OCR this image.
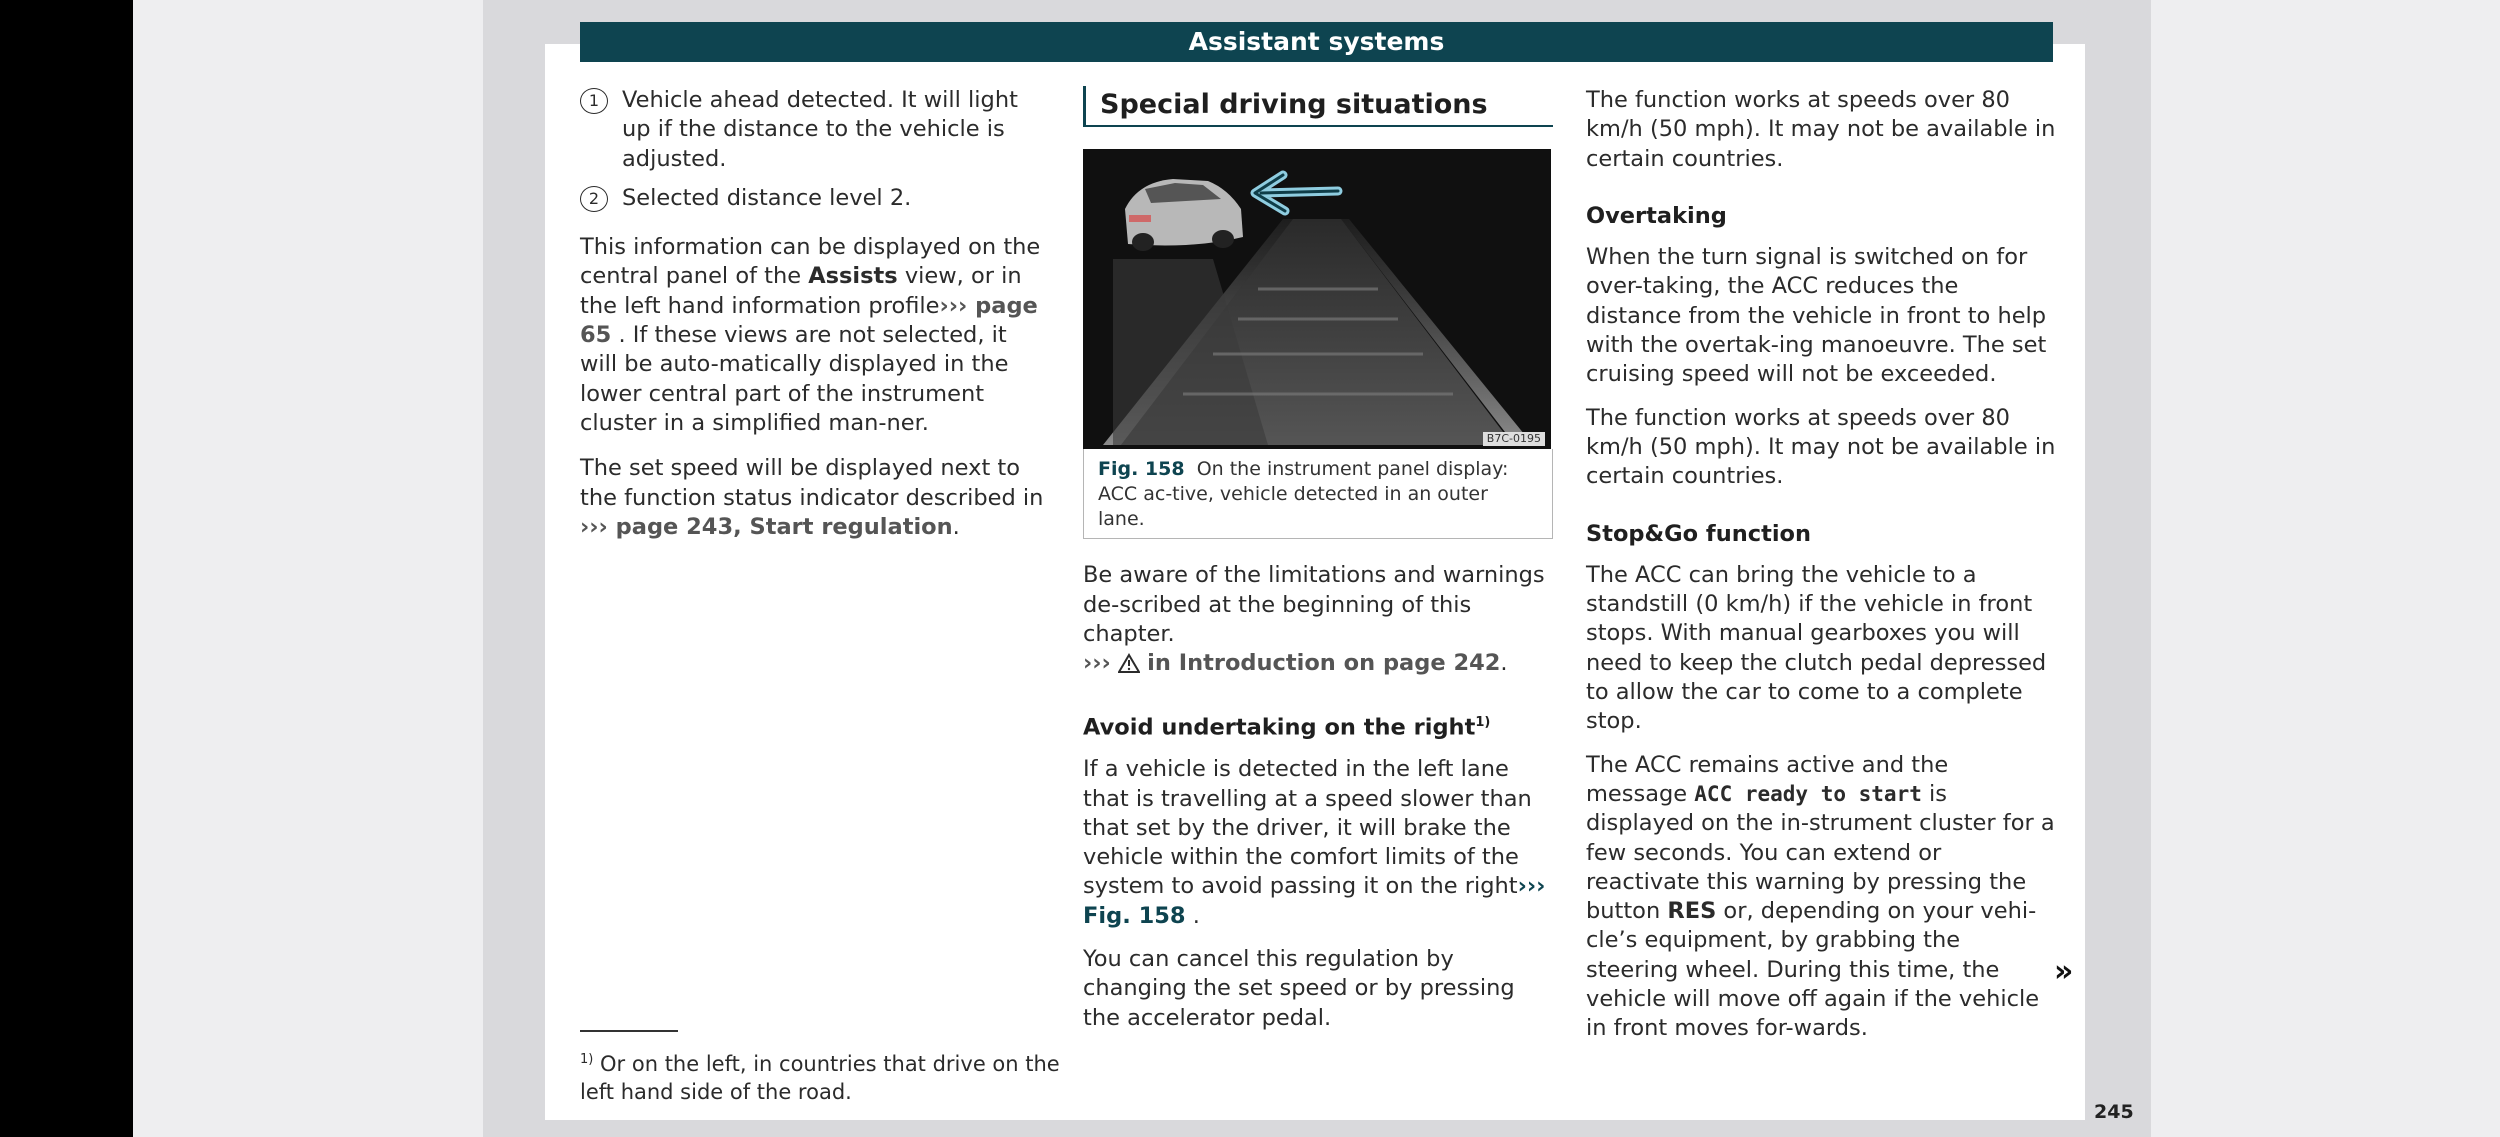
Assistant systems
1	Vehicle ahead detected. It will light up if the distance to the vehicle is adjusted.
2	Selected distance level 2.

This information can be displayed on the central panel of the Assists view, or in the left hand information profile››› page 65 . If these views are not selected, it will be auto-matically displayed in the lower central part of the instrument cluster in a simplified man-ner.

The set speed will be displayed next to the function status indicator described in
››› page 243, Start regulation.

Special driving situations
B7C-0195
Fig. 158 On the instrument panel display: ACC ac-tive, vehicle detected in an outer lane.

Be aware of the limitations and warnings de-scribed at the beginning of this chapter.
››› in Introduction on page 242.

Avoid undertaking on the right$^{1)}$

If a vehicle is detected in the left lane that is travelling at a speed slower than that set by the driver, it will brake the vehicle within the comfort limits of the system to avoid passing it on the right››› Fig. 158 .

You can cancel this regulation by changing the set speed or by pressing the accelerator pedal.

The function works at speeds over 80 km/h (50 mph). It may not be available in certain countries.

Overtaking

When the turn signal is switched on for over-taking, the ACC reduces the distance from the vehicle in front to help with the overtak-ing manoeuvre. The set cruising speed will not be exceeded.

The function works at speeds over 80 km/h (50 mph). It may not be available in certain countries.

Stop&Go function

The ACC can bring the vehicle to a standstill (0 km/h) if the vehicle in front stops. With manual gearboxes you will need to keep the clutch pedal depressed to allow the car to come to a complete stop.

The ACC remains active and the message ACC ready to start is displayed on the in-strument cluster for a few seconds. You can extend or reactivate this warning by pressing the button RES or, depending on your vehi-cle’s equipment, by grabbing the steering wheel. During this time, the vehicle will move off again if the vehicle in front moves for-wards.

»
$^{1)}$ Or on the left, in countries that drive on the left hand side of the road.
245
